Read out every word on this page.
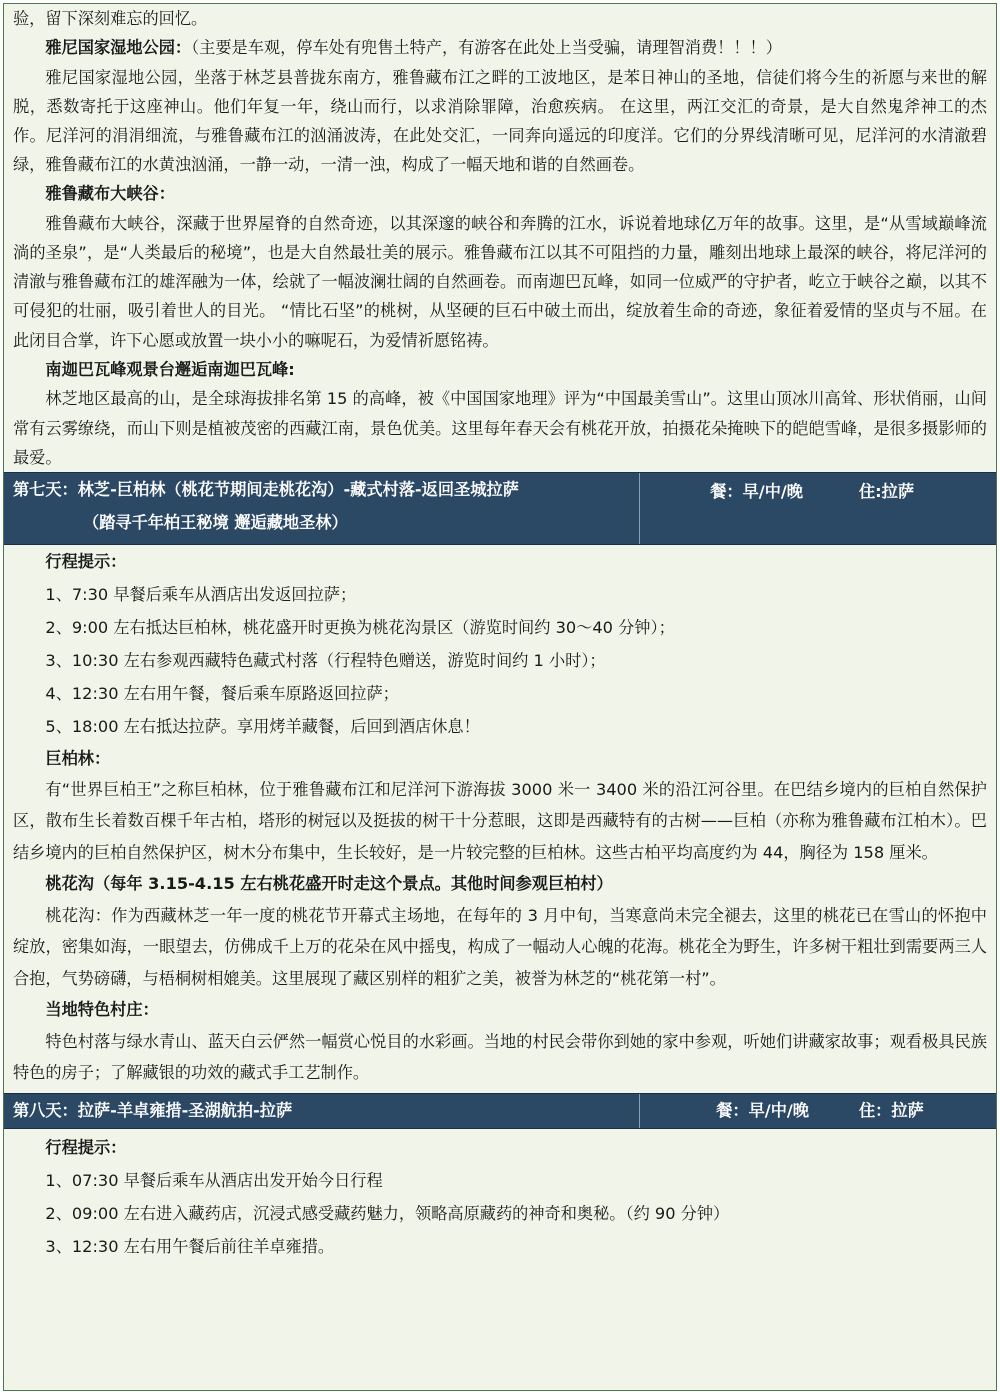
验，留下深刻难忘的回忆。
雅尼国家湿地公园：（主要是车观，停车处有兜售土特产，有游客在此处上当受骗，请理智消费！！！）

雅尼国家湿地公园，坐落于林芝县普拢东南方，雅鲁藏布江之畔的工波地区，是苯日神山的圣地，信徒们将今生的祈愿与来世的解脱，悉数寄托于这座神山。他们年复一年，绕山而行，以求消除罪障，治愈疾病。 在这里，两江交汇的奇景，是大自然鬼斧神工的杰作。尼洋河的涓涓细流，与雅鲁藏布江的汹涌波涛，在此处交汇，一同奔向遥远的印度洋。它们的分界线清晰可见，尼洋河的水清澈碧绿，雅鲁藏布江的水黄浊汹涌，一静一动，一清一浊，构成了一幅天地和谐的自然画卷。

雅鲁藏布大峡谷：

雅鲁藏布大峡谷，深藏于世界屋脊的自然奇迹，以其深邃的峡谷和奔腾的江水，诉说着地球亿万年的故事。这里，是“从雪域巅峰流淌的圣泉”，是“人类最后的秘境”，也是大自然最壮美的展示。雅鲁藏布江以其不可阻挡的力量，雕刻出地球上最深的峡谷，将尼洋河的清澈与雅鲁藏布江的雄浑融为一体，绘就了一幅波澜壮阔的自然画卷。而南迦巴瓦峰，如同一位威严的守护者，屹立于峡谷之巅，以其不可侵犯的壮丽，吸引着世人的目光。 “情比石坚”的桃树，从坚硬的巨石中破土而出，绽放着生命的奇迹，象征着爱情的坚贞与不屈。在此闭目合掌，许下心愿或放置一块小小的嘛呢石，为爱情祈愿铭祷。

南迦巴瓦峰观景台邂逅南迦巴瓦峰:

林芝地区最高的山，是全球海拔排名第 15 的高峰，被《中国国家地理》评为“中国最美雪山”。这里山顶冰川高耸、形状俏丽，山间常有云雾缭绕，而山下则是植被茂密的西藏江南，景色优美。这里每年春天会有桃花开放，拍摄花朵掩映下的皑皑雪峰，是很多摄影师的最爱。

第七天：林芝-巨柏林（桃花节期间走桃花沟）-藏式村落-返回圣城拉萨
（踏寻千年柏王秘境 邂逅藏地圣林）
餐：早/中/晚	住:拉萨
行程提示：
1、7:30 早餐后乘车从酒店出发返回拉萨；
2、9:00 左右抵达巨柏林，桃花盛开时更换为桃花沟景区（游览时间约 30～40 分钟）；
3、10:30 左右参观西藏特色藏式村落（行程特色赠送，游览时间约 1 小时）；
4、12:30 左右用午餐，餐后乘车原路返回拉萨；
5、18:00 左右抵达拉萨。享用烤羊藏餐，后回到酒店休息！
巨柏林：

有“世界巨柏王”之称巨柏林，位于雅鲁藏布江和尼洋河下游海拔 3000 米一 3400 米的沿江河谷里。在巴结乡境内的巨柏自然保护区，散布生长着数百棵千年古柏，塔形的树冠以及挺拔的树干十分惹眼，这即是西藏特有的古树——巨柏（亦称为雅鲁藏布江柏木）。巴结乡境内的巨柏自然保护区，树木分布集中，生长较好，是一片较完整的巨柏林。这些古柏平均高度约为 44，胸径为 158 厘米。

桃花沟（每年 3.15-4.15 左右桃花盛开时走这个景点。其他时间参观巨柏村）

桃花沟：作为西藏林芝一年一度的桃花节开幕式主场地，在每年的 3 月中旬，当寒意尚未完全褪去，这里的桃花已在雪山的怀抱中绽放，密集如海，一眼望去，仿佛成千上万的花朵在风中摇曳，构成了一幅动人心魄的花海。桃花全为野生，许多树干粗壮到需要两三人合抱，气势磅礴，与梧桐树相媲美。这里展现了藏区别样的粗犷之美，被誉为林芝的“桃花第一村”。

当地特色村庄：

特色村落与绿水青山、蓝天白云俨然一幅赏心悦目的水彩画。当地的村民会带你到她的家中参观，听她们讲藏家故事；观看极具民族特色的房子；了解藏银的功效的藏式手工艺制作。

第八天：拉萨-羊卓雍措-圣湖航拍-拉萨	餐：早/中/晚	住：拉萨
行程提示：
1、07:30 早餐后乘车从酒店出发开始今日行程
2、09:00 左右进入藏药店，沉浸式感受藏药魅力，领略高原藏药的神奇和奥秘。（约 90 分钟）
3、12:30 左右用午餐后前往羊卓雍措。
